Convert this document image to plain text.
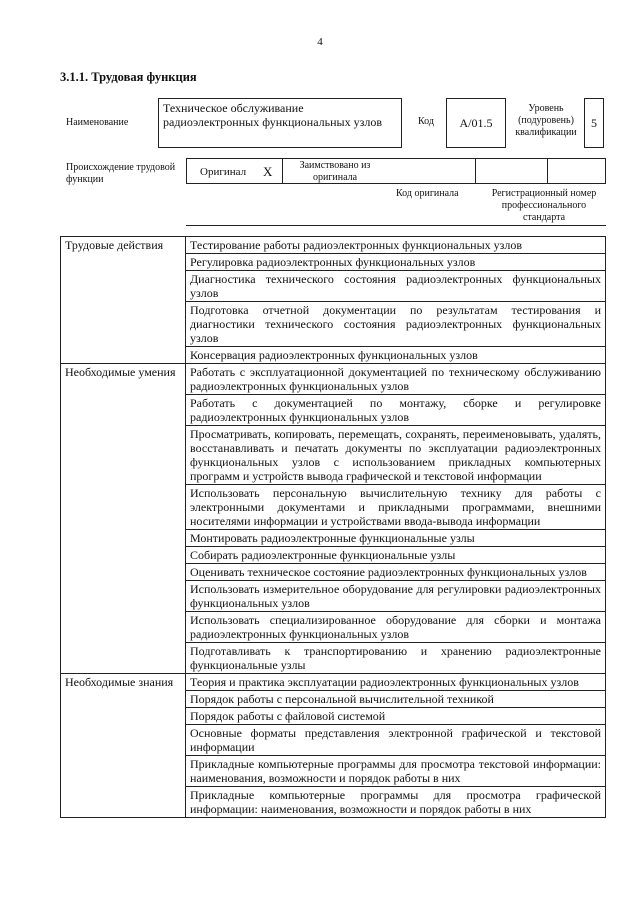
4
3.1.1. Трудовая функция
Наименование
Техническое обслуживание радиоэлектронных функциональных узлов	Код	А/01.5
Уровень (подуровень) квалификации
5
Происхождение трудовой функции
Оригинал X	Заимствовано из оригинала
Код оригинала	Регистрационный номер профессионального стандарта
Трудовые действия	Тестирование работы радиоэлектронных функциональных узлов
	Регулировка радиоэлектронных функциональных узлов
	Диагностика технического состояния радиоэлектронных функциональных узлов
	Подготовка отчетной документации по результатам тестирования и диагностики технического состояния радиоэлектронных функциональных узлов
	Консервация радиоэлектронных функциональных узлов
Необходимые умения	Работать с эксплуатационной документацией по техническому обслуживанию радиоэлектронных функциональных узлов
	Работать с документацией по монтажу, сборке и регулировке радиоэлектронных функциональных узлов
	Просматривать, копировать, перемещать, сохранять, переименовывать, удалять, восстанавливать и печатать документы по эксплуатации радиоэлектронных функциональных узлов с использованием прикладных компьютерных программ и устройств вывода графической и текстовой информации
	Использовать персональную вычислительную технику для работы с электронными документами и прикладными программами, внешними носителями информации и устройствами ввода-вывода информации
	Монтировать радиоэлектронные функциональные узлы
	Собирать радиоэлектронные функциональные узлы
	Оценивать техническое состояние радиоэлектронных функциональных узлов
	Использовать измерительное оборудование для регулировки радиоэлектронных функциональных узлов
	Использовать специализированное оборудование для сборки и монтажа радиоэлектронных функциональных узлов
	Подготавливать к транспортированию и хранению радиоэлектронные функциональные узлы
Необходимые знания	Теория и практика эксплуатации радиоэлектронных функциональных узлов
	Порядок работы с персональной вычислительной техникой
	Порядок работы с файловой системой
	Основные форматы представления электронной графической и текстовой информации
	Прикладные компьютерные программы для просмотра текстовой информации: наименования, возможности и порядок работы в них
	Прикладные компьютерные программы для просмотра графической информации: наименования, возможности и порядок работы в них
